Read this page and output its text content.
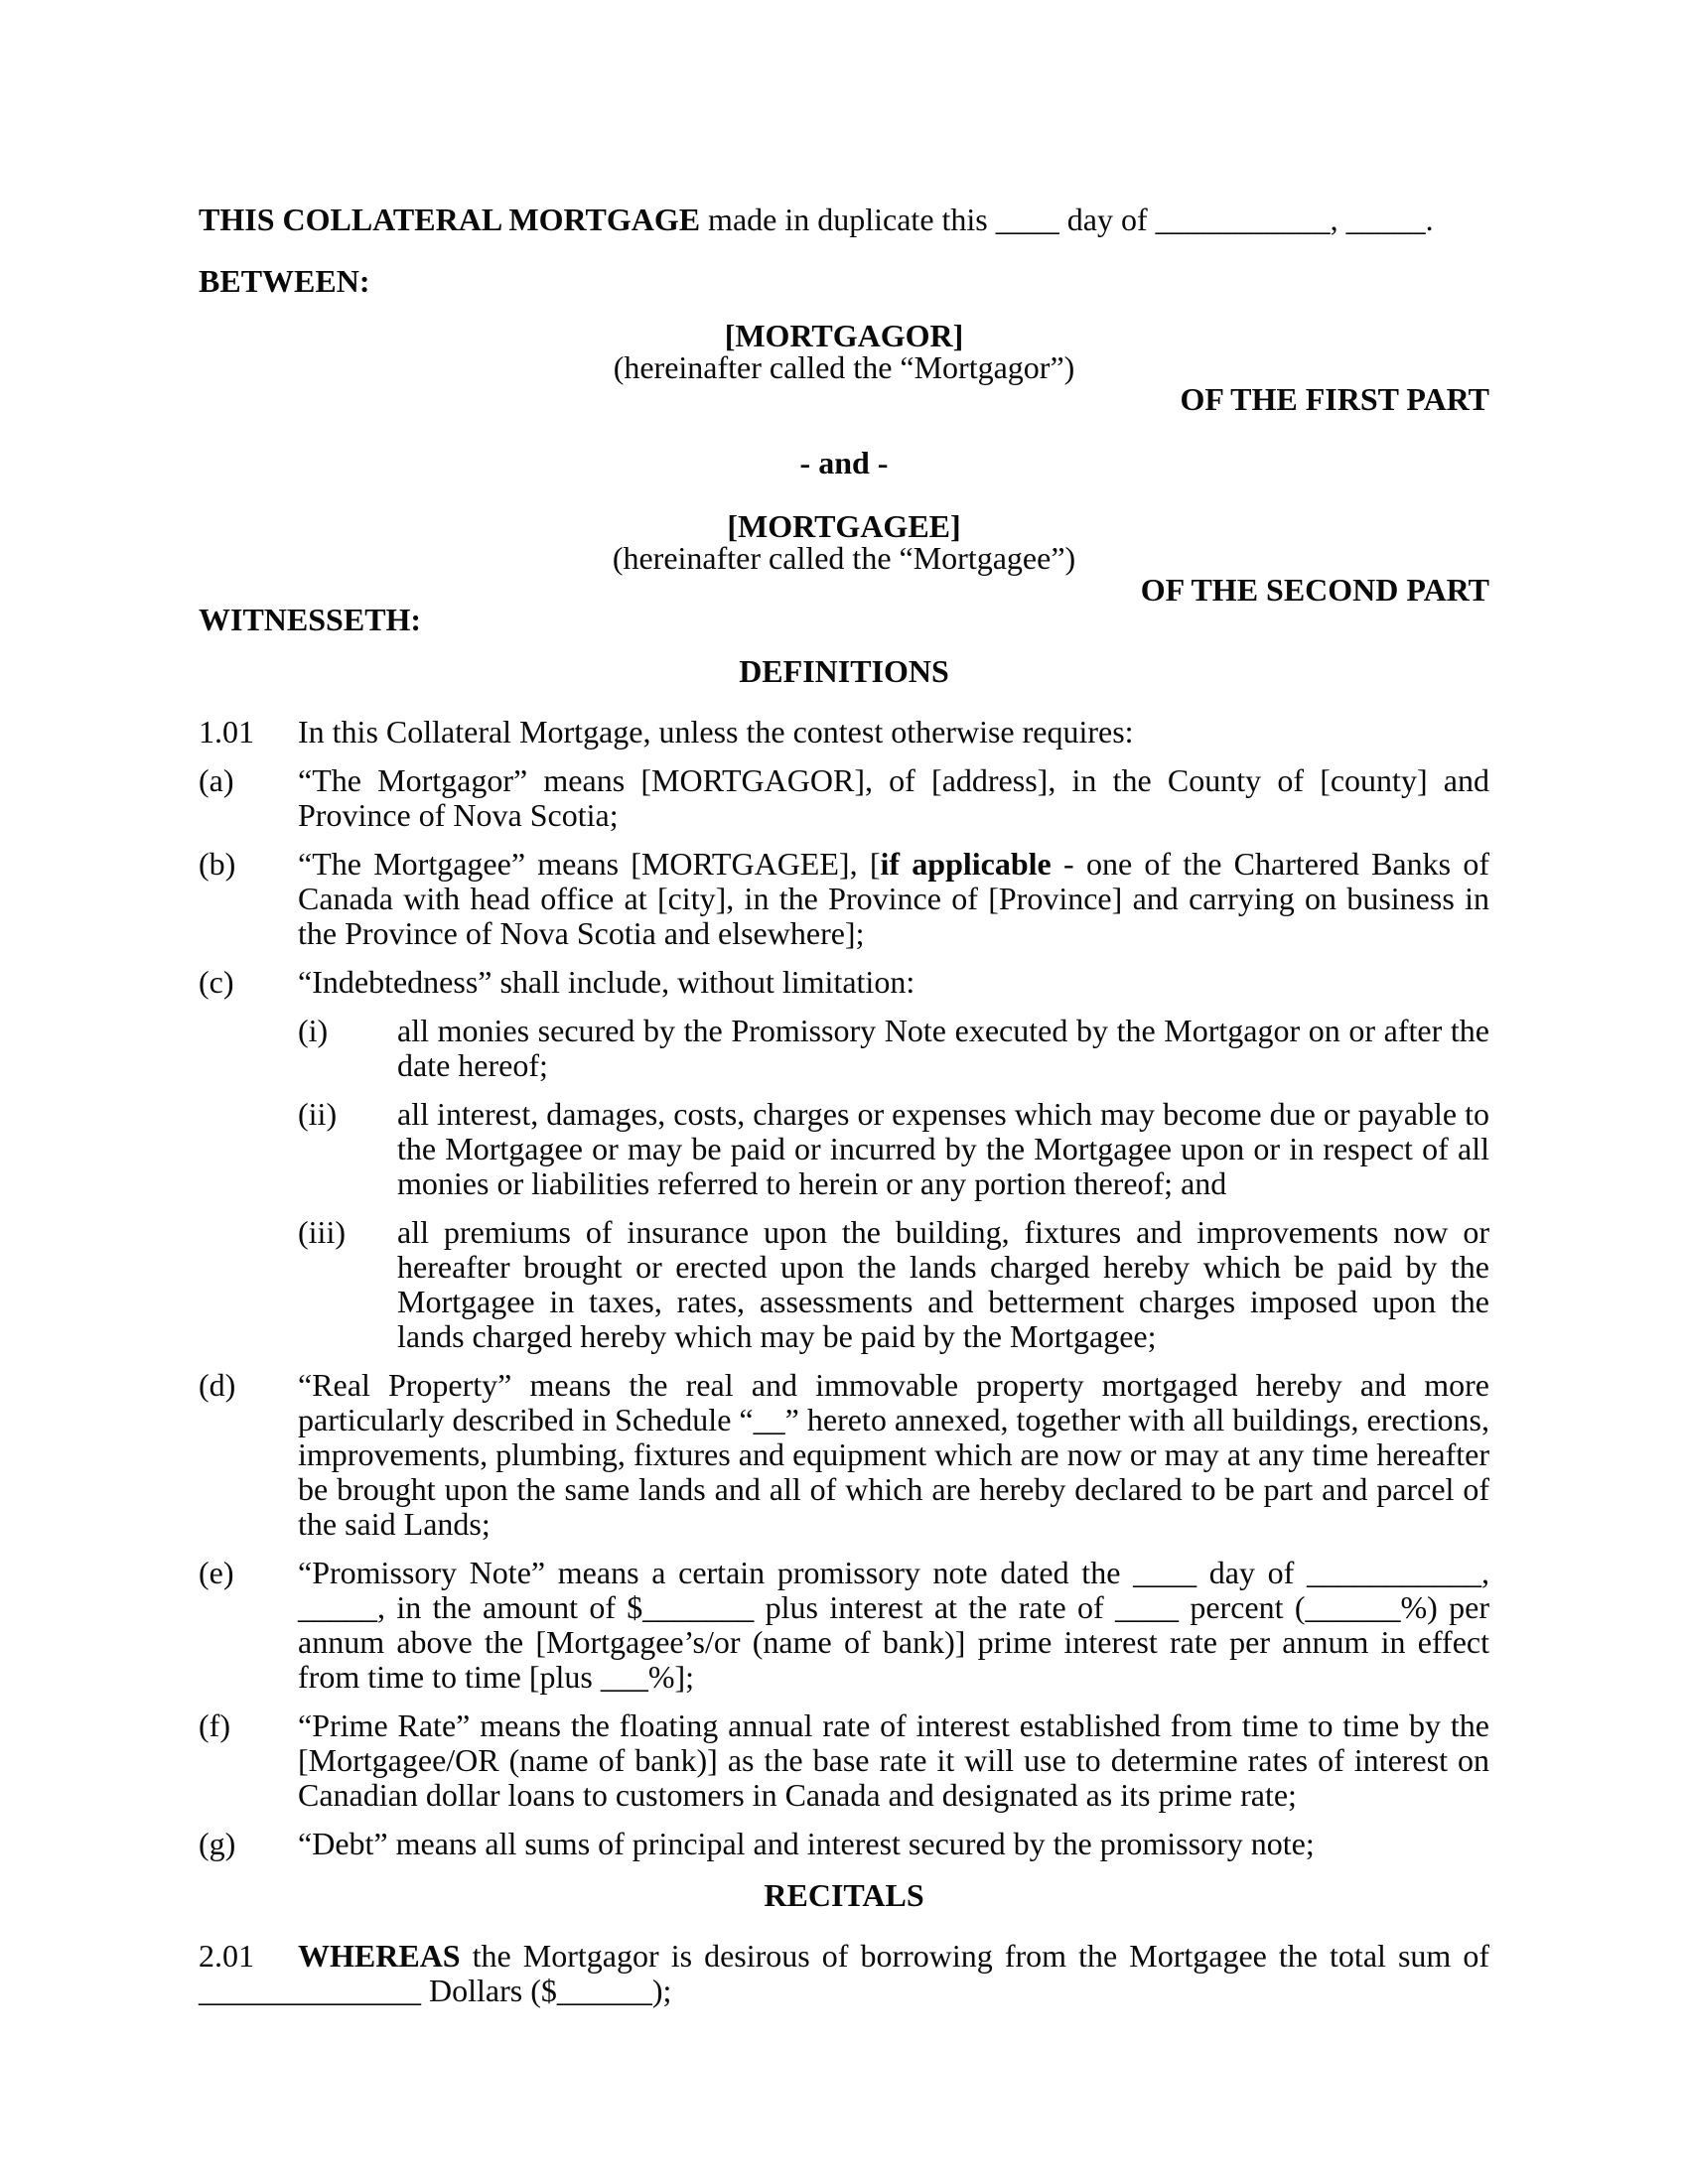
THIS COLLATERAL MORTGAGE made in duplicate this ____ day of ___________, _____.
BETWEEN:
[MORTGAGOR]
(hereinafter called the “Mortgagor”)
OF THE FIRST PART
- and -
[MORTGAGEE]
(hereinafter called the “Mortgagee”)
OF THE SECOND PART
WITNESSETH:
DEFINITIONS
1.01 In this Collateral Mortgage, unless the contest otherwise requires:
(a) “The Mortgagor” means [MORTGAGOR], of [address], in the County of [county] and Province of Nova Scotia;
(b) “The Mortgagee” means [MORTGAGEE], [if applicable - one of the Chartered Banks of Canada with head office at [city], in the Province of [Province] and carrying on business in the Province of Nova Scotia and elsewhere];
(c) “Indebtedness” shall include, without limitation:
(i) all monies secured by the Promissory Note executed by the Mortgagor on or after the date hereof;
(ii) all interest, damages, costs, charges or expenses which may become due or payable to the Mortgagee or may be paid or incurred by the Mortgagee upon or in respect of all monies or liabilities referred to herein or any portion thereof; and
(iii) all premiums of insurance upon the building, fixtures and improvements now or hereafter brought or erected upon the lands charged hereby which be paid by the Mortgagee in taxes, rates, assessments and betterment charges imposed upon the lands charged hereby which may be paid by the Mortgagee;
(d) “Real Property” means the real and immovable property mortgaged hereby and more particularly described in Schedule “__” hereto annexed, together with all buildings, erections, improvements, plumbing, fixtures and equipment which are now or may at any time hereafter be brought upon the same lands and all of which are hereby declared to be part and parcel of the said Lands;
(e) “Promissory Note” means a certain promissory note dated the ____ day of ___________, _____, in the amount of $_______ plus interest at the rate of ____ percent (______%) per annum above the [Mortgagee’s/or (name of bank)] prime interest rate per annum in effect from time to time [plus ___%];
(f) “Prime Rate” means the floating annual rate of interest established from time to time by the [Mortgagee/OR (name of bank)] as the base rate it will use to determine rates of interest on Canadian dollar loans to customers in Canada and designated as its prime rate;
(g) “Debt” means all sums of principal and interest secured by the promissory note;
RECITALS
2.01 WHEREAS the Mortgagor is desirous of borrowing from the Mortgagee the total sum of ______________ Dollars ($______);
